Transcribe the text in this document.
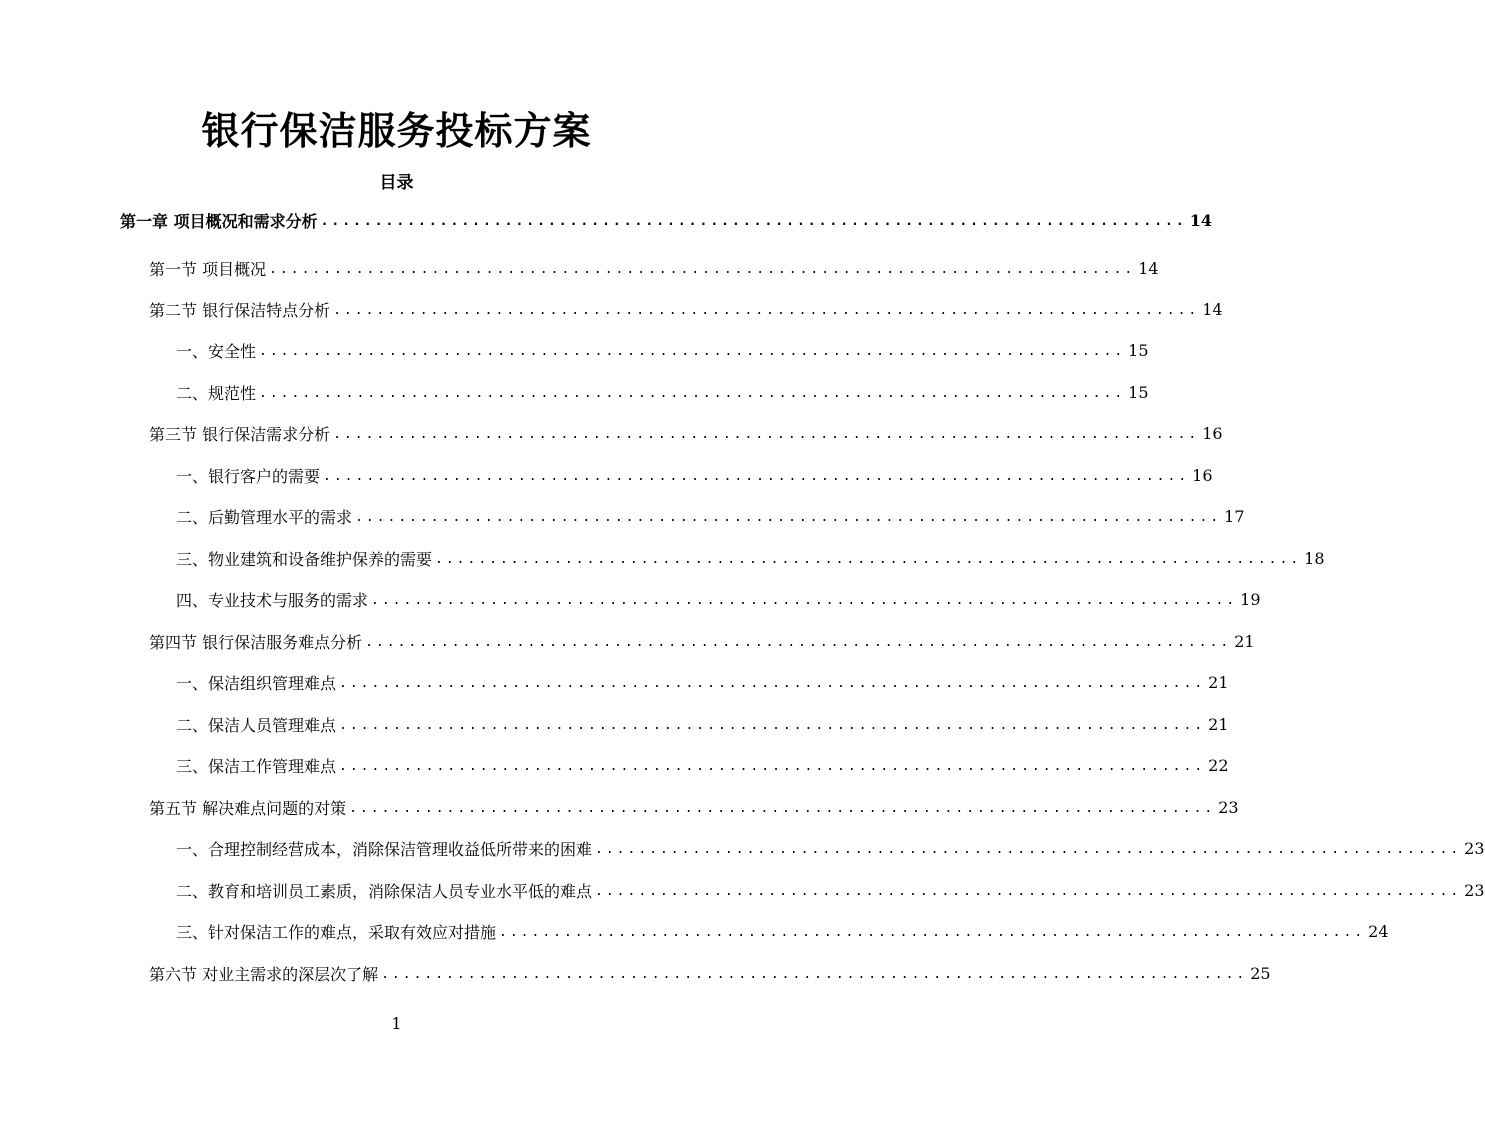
银行保洁服务投标方案
目录
第一章 项目概况和需求分析 ................................................................................ 14
第一节 项目概况 ................................................................................ 14
第二节 银行保洁特点分析 ................................................................................ 14
一、安全性 ................................................................................ 15
二、规范性 ................................................................................ 15
第三节 银行保洁需求分析 ................................................................................ 16
一、银行客户的需要 ................................................................................ 16
二、后勤管理水平的需求 ................................................................................ 17
三、物业建筑和设备维护保养的需要 ................................................................................ 18
四、专业技术与服务的需求 ................................................................................ 19
第四节 银行保洁服务难点分析 ................................................................................ 21
一、保洁组织管理难点 ................................................................................ 21
二、保洁人员管理难点 ................................................................................ 21
三、保洁工作管理难点 ................................................................................ 22
第五节 解决难点问题的对策 ................................................................................ 23
一、合理控制经营成本，消除保洁管理收益低所带来的困难 ................................................................................ 23
二、教育和培训员工素质，消除保洁人员专业水平低的难点 ................................................................................ 23
三、针对保洁工作的难点，采取有效应对措施 ................................................................................ 24
第六节 对业主需求的深层次了解 ................................................................................ 25
1
